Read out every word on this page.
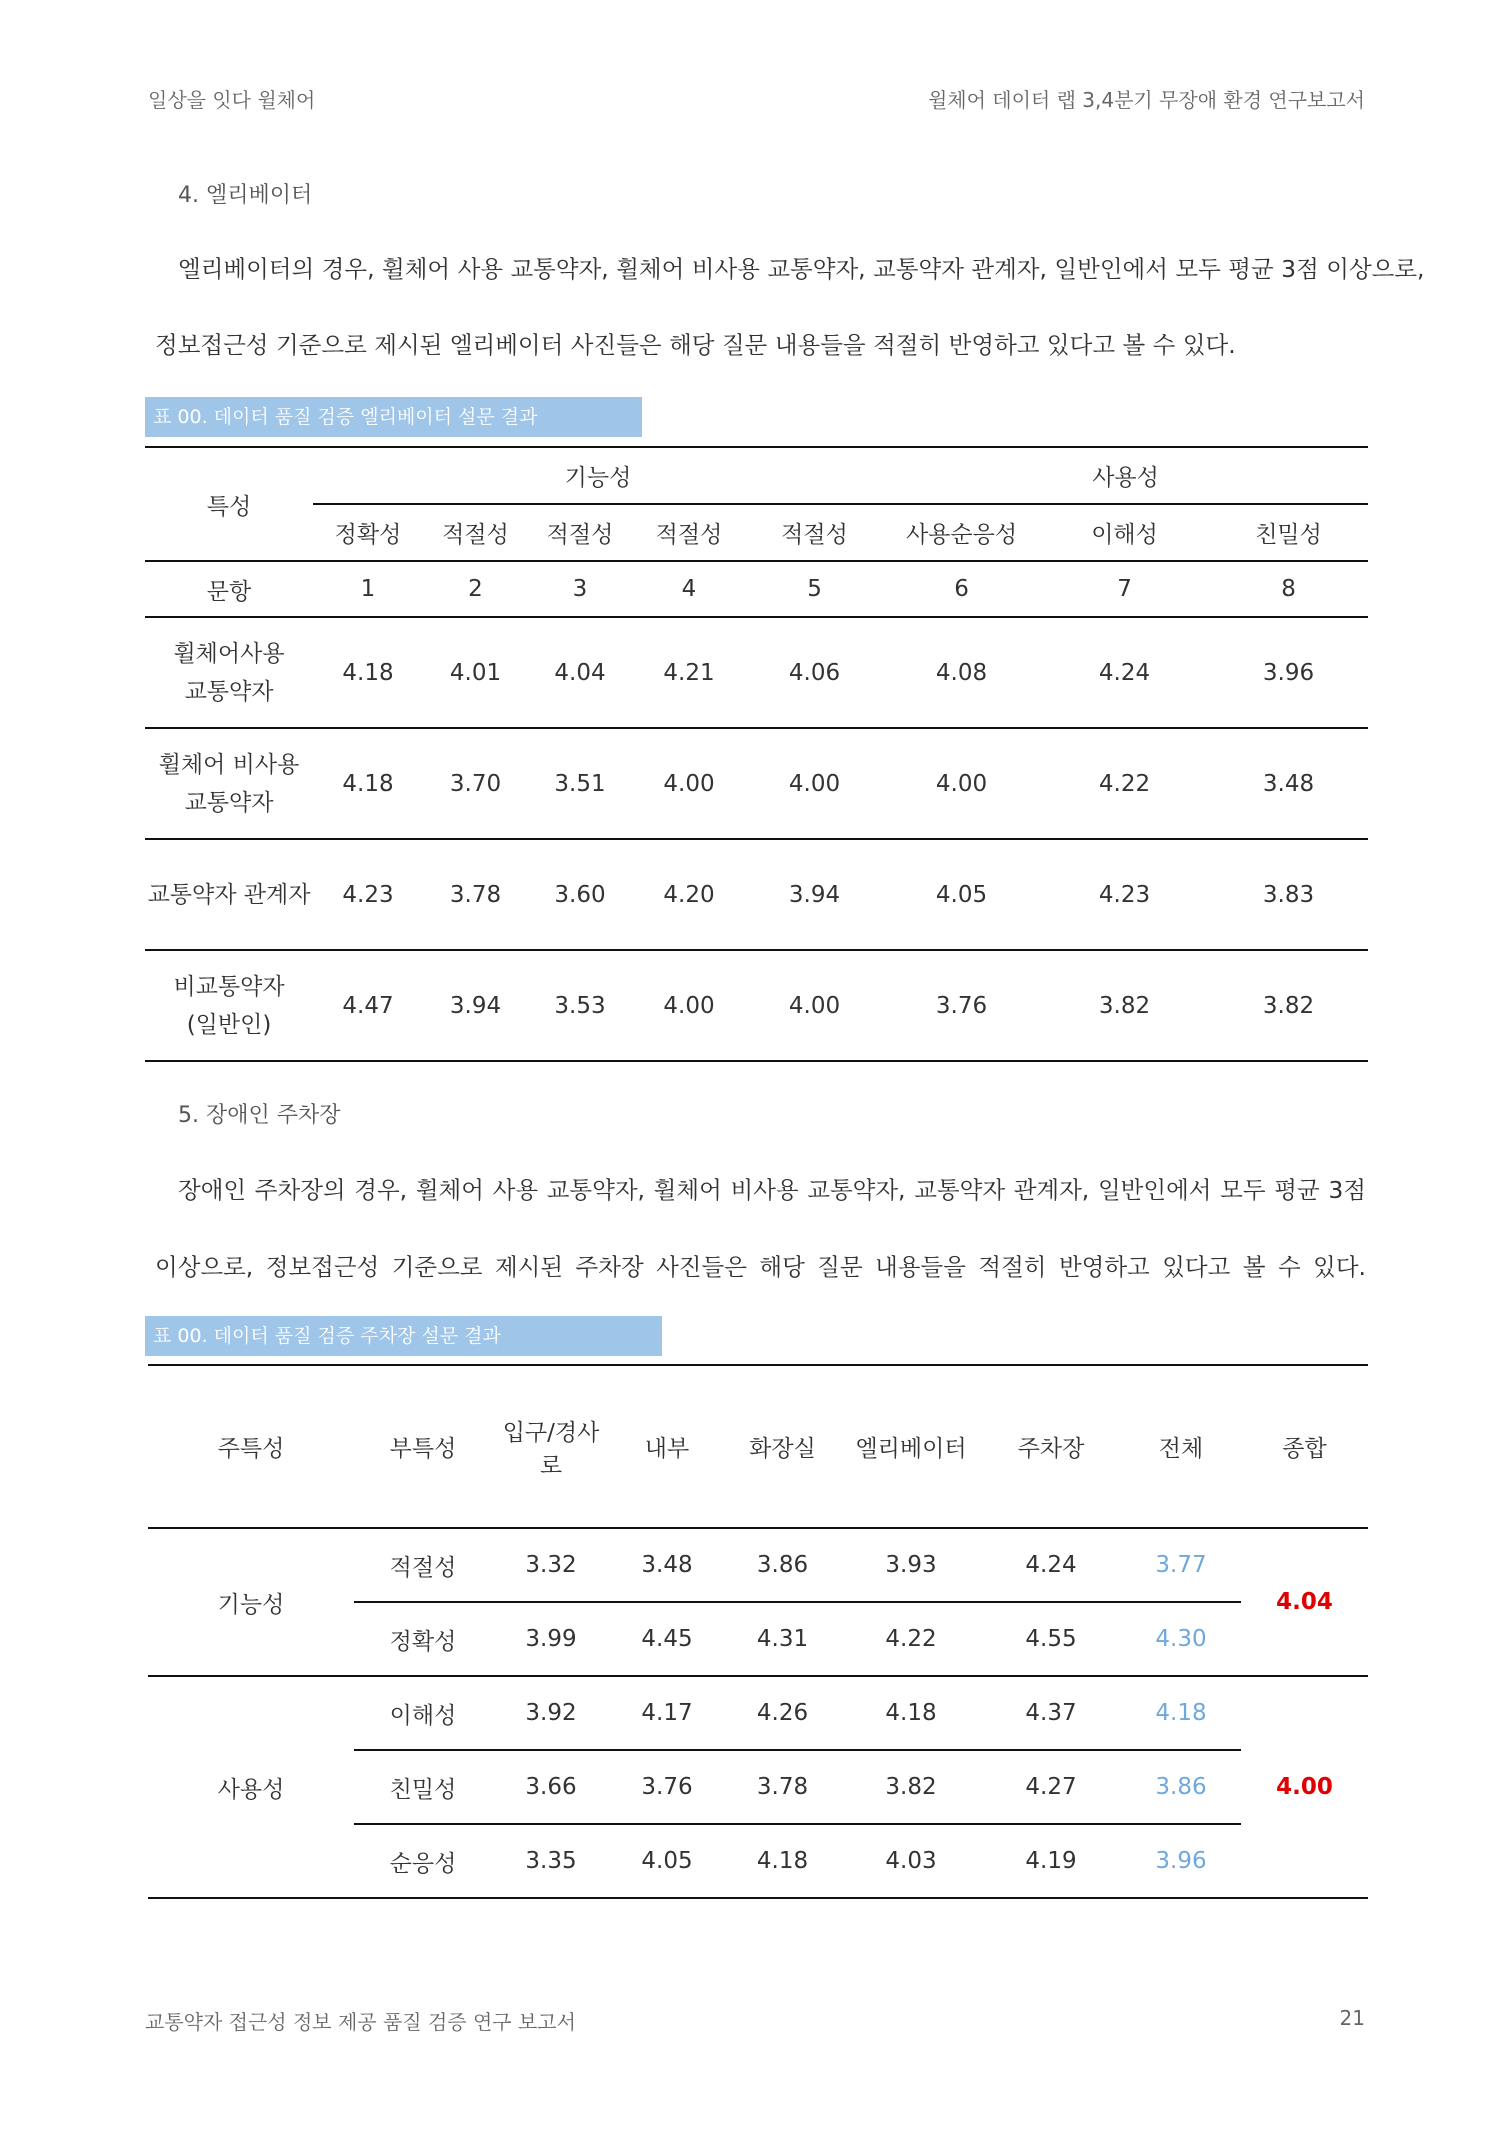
일상을 잇다 윌체어	윌체어 데이터 랩 3,4분기 무장애 환경 연구보고서
4. 엘리베이터
엘리베이터의 경우, 휠체어 사용 교통약자, 휠체어 비사용 교통약자, 교통약자 관계자, 일반인에서 모두 평균 3점 이상으로,
정보접근성 기준으로 제시된 엘리베이터 사진들은 해당 질문 내용들을 적절히 반영하고 있다고 볼 수 있다.
표 00. 데이터 품질 검증 엘리베이터 설문 결과
특성	기능성					사용성		
	정확성	적절성	적절성	적절성	적절성	사용순응성	이해성	친밀성
문항	1	2	3	4	5	6	7	8
휠체어사용
교통약자	4.18	4.01	4.04	4.21	4.06	4.08	4.24	3.96
휠체어 비사용
교통약자	4.18	3.70	3.51	4.00	4.00	4.00	4.22	3.48
교통약자 관계자	4.23	3.78	3.60	4.20	3.94	4.05	4.23	3.83
비교통약자
(일반인)	4.47	3.94	3.53	4.00	4.00	3.76	3.82	3.82
5. 장애인 주차장
장애인 주차장의 경우, 휠체어 사용 교통약자, 휠체어 비사용 교통약자, 교통약자 관계자, 일반인에서 모두 평균 3점
이상으로, 정보접근성 기준으로 제시된 주차장 사진들은 해당 질문 내용들을 적절히 반영하고 있다고 볼 수 있다.
표 00. 데이터 품질 검증 주차장 설문 결과
주특성	부특성	입구/경사로	내부	화장실	엘리베이터	주차장	전체	종합
기능성	적절성	3.32	3.48	3.86	3.93	4.24	3.77	4.04
	정확성	3.99	4.45	4.31	4.22	4.55	4.30	
사용성	이해성	3.92	4.17	4.26	4.18	4.37	4.18	4.00
	친밀성	3.66	3.76	3.78	3.82	4.27	3.86	
	순응성	3.35	4.05	4.18	4.03	4.19	3.96	
교통약자 접근성 정보 제공 품질 검증 연구 보고서	21
